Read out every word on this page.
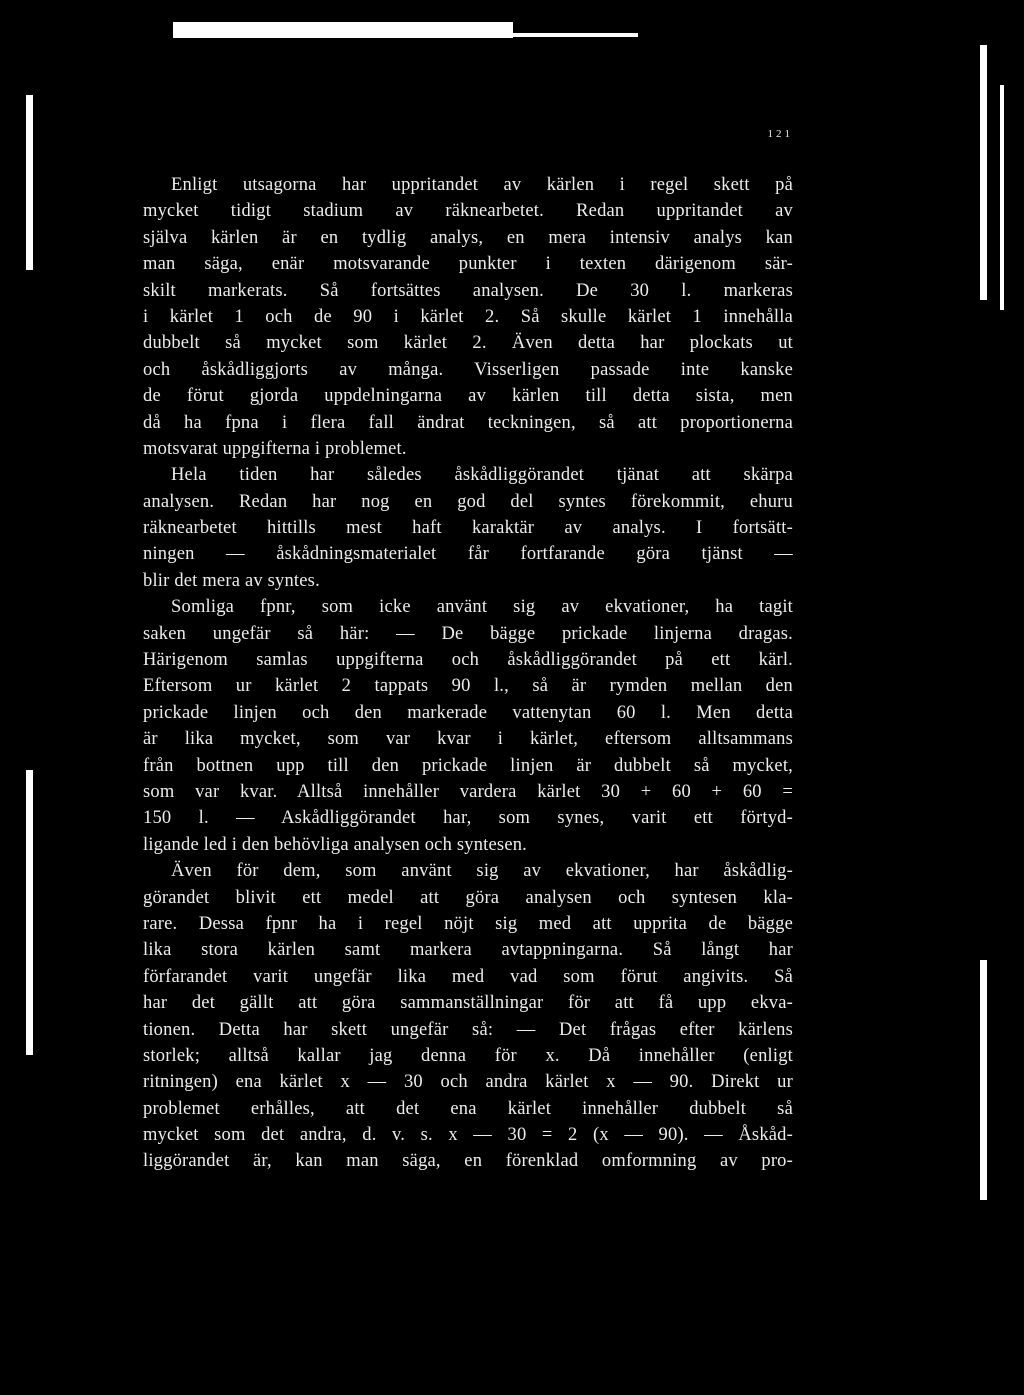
121

Enligt utsagorna har uppritandet av kärlen i regel skett på
mycket tidigt stadium av räknearbetet. Redan uppritandet av
själva kärlen är en tydlig analys, en mera intensiv analys kan
man säga, enär motsvarande punkter i texten därigenom sär-
skilt markerats. Så fortsättes analysen. De 30 l. markeras
i kärlet 1 och de 90 i kärlet 2. Så skulle kärlet 1 innehålla
dubbelt så mycket som kärlet 2. Även detta har plockats ut
och åskådliggjorts av många. Visserligen passade inte kanske
de förut gjorda uppdelningarna av kärlen till detta sista, men
då ha fpna i flera fall ändrat teckningen, så att proportionerna
motsvarat uppgifterna i problemet.

Hela tiden har således åskådliggörandet tjänat att skärpa
analysen. Redan har nog en god del syntes förekommit, ehuru
räknearbetet hittills mest haft karaktär av analys. I fortsätt-
ningen — åskådningsmaterialet får fortfarande göra tjänst —
blir det mera av syntes.

Somliga fpnr, som icke använt sig av ekvationer, ha tagit
saken ungefär så här: — De bägge prickade linjerna dragas.
Härigenom samlas uppgifterna och åskådliggörandet på ett kärl.
Eftersom ur kärlet 2 tappats 90 l., så är rymden mellan den
prickade linjen och den markerade vattenytan 60 l. Men detta
är lika mycket, som var kvar i kärlet, eftersom alltsammans
från bottnen upp till den prickade linjen är dubbelt så mycket,
som var kvar. Alltså innehåller vardera kärlet 30 + 60 + 60 =
150 l. — Askådliggörandet har, som synes, varit ett förtyd-
ligande led i den behövliga analysen och syntesen.

Även för dem, som använt sig av ekvationer, har åskådlig-
görandet blivit ett medel att göra analysen och syntesen kla-
rare. Dessa fpnr ha i regel nöjt sig med att upprita de bägge
lika stora kärlen samt markera avtappningarna. Så långt har
förfarandet varit ungefär lika med vad som förut angivits. Så
har det gällt att göra sammanställningar för att få upp ekva-
tionen. Detta har skett ungefär så: — Det frågas efter kärlens
storlek; alltså kallar jag denna för x. Då innehåller (enligt
ritningen) ena kärlet x — 30 och andra kärlet x — 90. Direkt ur
problemet erhålles, att det ena kärlet innehåller dubbelt så
mycket som det andra, d. v. s. x — 30 = 2 (x — 90). — Åskåd-
liggörandet är, kan man säga, en förenklad omformning av pro-
